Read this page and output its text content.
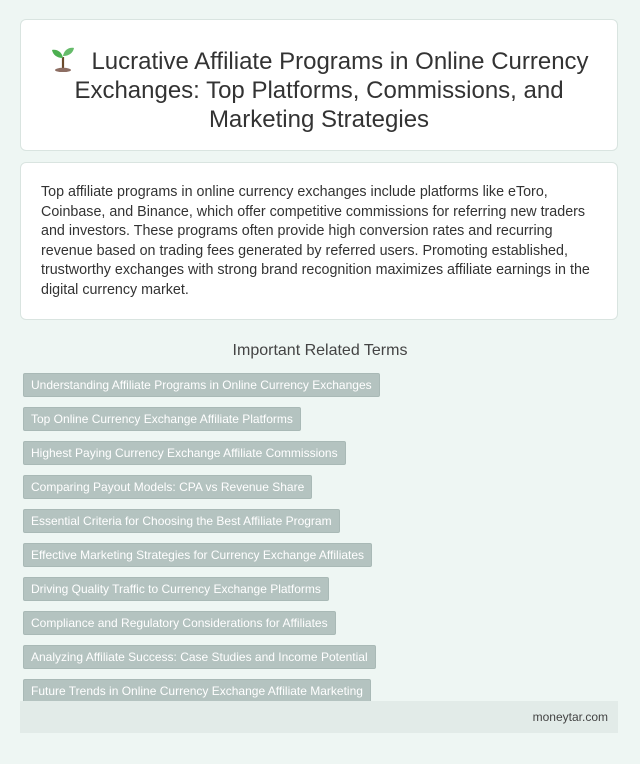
Lucrative Affiliate Programs in Online Currency Exchanges: Top Platforms, Commissions, and Marketing Strategies

Top affiliate programs in online currency exchanges include platforms like eToro, Coinbase, and Binance, which offer competitive commissions for referring new traders and investors. These programs often provide high conversion rates and recurring revenue based on trading fees generated by referred users. Promoting established, trustworthy exchanges with strong brand recognition maximizes affiliate earnings in the digital currency market.

Important Related Terms
Understanding Affiliate Programs in Online Currency Exchanges
Top Online Currency Exchange Affiliate Platforms
Highest Paying Currency Exchange Affiliate Commissions
Comparing Payout Models: CPA vs Revenue Share
Essential Criteria for Choosing the Best Affiliate Program
Effective Marketing Strategies for Currency Exchange Affiliates
Driving Quality Traffic to Currency Exchange Platforms
Compliance and Regulatory Considerations for Affiliates
Analyzing Affiliate Success: Case Studies and Income Potential
Future Trends in Online Currency Exchange Affiliate Marketing
moneytar.com
